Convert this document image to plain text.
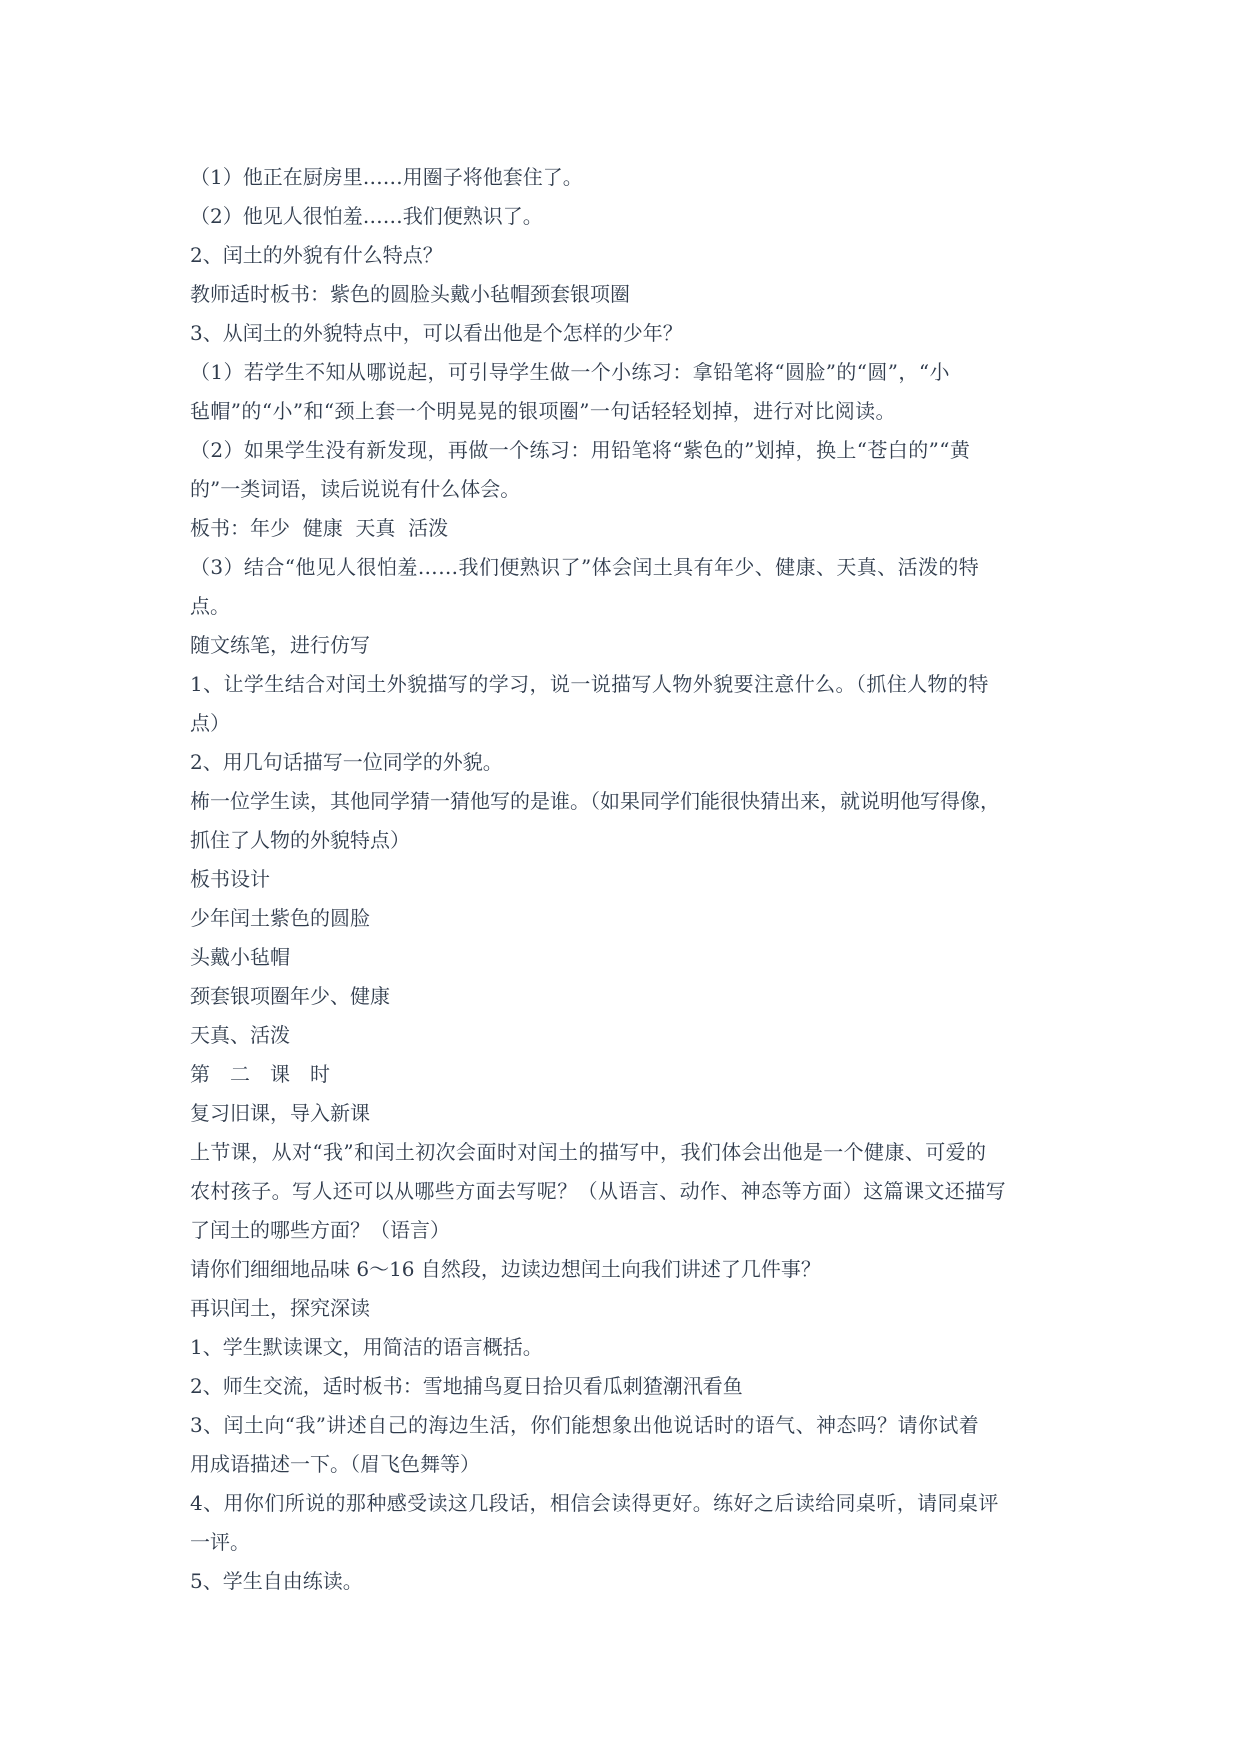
（1）他正在厨房里……用圈子将他套住了。
（2）他见人很怕羞……我们便熟识了。
2、闰土的外貌有什么特点？
教师适时板书：紫色的圆脸头戴小毡帽颈套银项圈
3、从闰土的外貌特点中，可以看出他是个怎样的少年？
（1）若学生不知从哪说起，可引导学生做一个小练习：拿铅笔将“圆脸”的“圆”，“小
毡帽”的“小”和“颈上套一个明晃晃的银项圈”一句话轻轻划掉，进行对比阅读。
（2）如果学生没有新发现，再做一个练习：用铅笔将“紫色的”划掉，换上“苍白的”“黄
的”一类词语，读后说说有什么体会。
板书：年少  健康  天真  活泼
（3）结合“他见人很怕羞……我们便熟识了”体会闰土具有年少、健康、天真、活泼的特
点。
随文练笔，进行仿写
1、让学生结合对闰土外貌描写的学习，说一说描写人物外貌要注意什么。（抓住人物的特
点）
2、用几句话描写一位同学的外貌。
柨一位学生读，其他同学猜一猜他写的是谁。（如果同学们能很快猜出来，就说明他写得像，
抓住了人物的外貌特点）
板书设计
少年闰土紫色的圆脸
头戴小毡帽
颈套银项圈年少、健康
天真、活泼
第　二　课　时
复习旧课，导入新课
上节课，从对“我”和闰土初次会面时对闰土的描写中，我们体会出他是一个健康、可爱的
农村孩子。写人还可以从哪些方面去写呢？（从语言、动作、神态等方面）这篇课文还描写
了闰土的哪些方面？（语言）
请你们细细地品味 6～16 自然段，边读边想闰土向我们讲述了几件事？
再识闰土，探究深读
1、学生默读课文，用简洁的语言概括。
2、师生交流，适时板书：雪地捕鸟夏日拾贝看瓜刺猹潮汛看鱼
3、闰土向“我”讲述自己的海边生活，你们能想象出他说话时的语气、神态吗？请你试着
用成语描述一下。（眉飞色舞等）
4、用你们所说的那种感受读这几段话，相信会读得更好。练好之后读给同桌听，请同桌评
一评。
5、学生自由练读。
